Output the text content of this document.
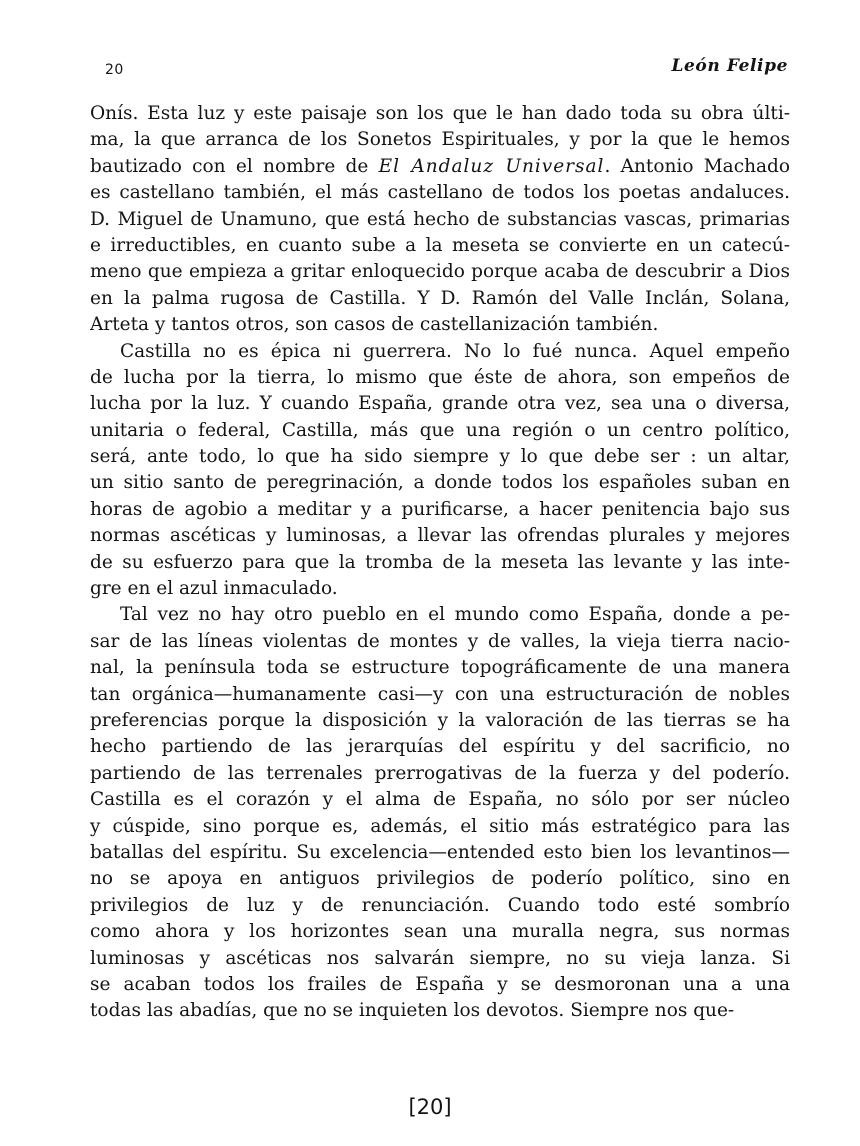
20	León Felipe
Onís. Esta luz y este paisaje son los que le han dado toda su obra últi-
ma, la que arranca de los Sonetos Espirituales, y por la que le hemos
bautizado con el nombre de El Andaluz Universal. Antonio Machado
es castellano también, el más castellano de todos los poetas andaluces.
D. Miguel de Unamuno, que está hecho de substancias vascas, primarias
e irreductibles, en cuanto sube a la meseta se convierte en un catecú-
meno que empieza a gritar enloquecido porque acaba de descubrir a Dios
en la palma rugosa de Castilla. Y D. Ramón del Valle Inclán, Solana,
Arteta y tantos otros, son casos de castellanización también.
Castilla no es épica ni guerrera. No lo fué nunca. Aquel empeño
de lucha por la tierra, lo mismo que éste de ahora, son empeños de
lucha por la luz. Y cuando España, grande otra vez, sea una o diversa,
unitaria o federal, Castilla, más que una región o un centro político,
será, ante todo, lo que ha sido siempre y lo que debe ser : un altar,
un sitio santo de peregrinación, a donde todos los españoles suban en
horas de agobio a meditar y a purificarse, a hacer penitencia bajo sus
normas ascéticas y luminosas, a llevar las ofrendas plurales y mejores
de su esfuerzo para que la tromba de la meseta las levante y las inte-
gre en el azul inmaculado.
Tal vez no hay otro pueblo en el mundo como España, donde a pe-
sar de las líneas violentas de montes y de valles, la vieja tierra nacio-
nal, la península toda se estructure topográficamente de una manera
tan orgánica—humanamente casi—y con una estructuración de nobles
preferencias porque la disposición y la valoración de las tierras se ha
hecho partiendo de las jerarquías del espíritu y del sacrificio, no
partiendo de las terrenales prerrogativas de la fuerza y del poderío.
Castilla es el corazón y el alma de España, no sólo por ser núcleo
y cúspide, sino porque es, además, el sitio más estratégico para las
batallas del espíritu. Su excelencia—entended esto bien los levantinos—
no se apoya en antiguos privilegios de poderío político, sino en
privilegios de luz y de renunciación. Cuando todo esté sombrío
como ahora y los horizontes sean una muralla negra, sus normas
luminosas y ascéticas nos salvarán siempre, no su vieja lanza. Si
se acaban todos los frailes de España y se desmoronan una a una
todas las abadías, que no se inquieten los devotos. Siempre nos que-
[20]
